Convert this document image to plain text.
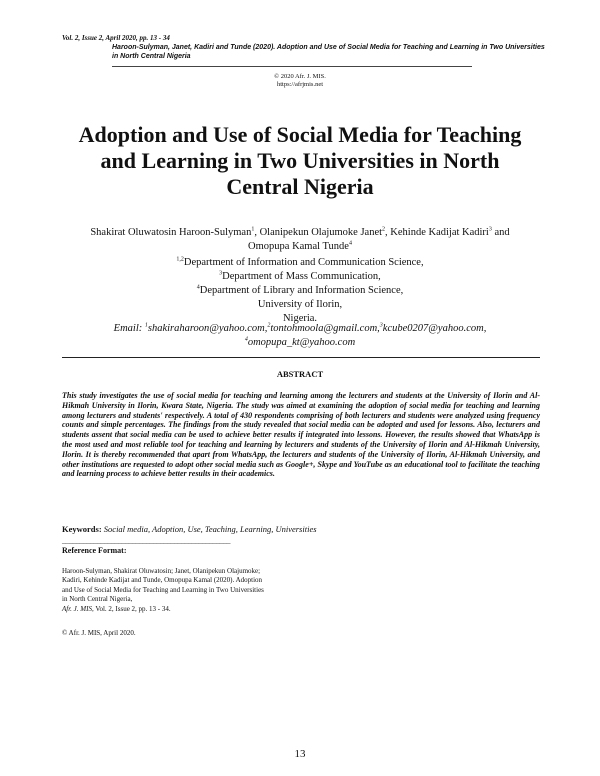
Vol. 2, Issue 2, April 2020, pp. 13 - 34
Haroon-Sulyman, Janet, Kadiri and Tunde (2020). Adoption and Use of Social Media for Teaching and Learning in Two Universities in North Central Nigeria
© 2020 Afr. J. MIS.
https://afrjmis.net
Adoption and Use of Social Media for Teaching
and Learning in Two Universities in North
Central Nigeria
Shakirat Oluwatosin Haroon-Sulyman$^1$, Olanipekun Olajumoke Janet$^2$, Kehinde Kadijat Kadiri$^3$ and
Omopupa Kamal Tunde$^4$
$^{1,2}$Department of Information and Communication Science,
$^3$Department of Mass Communication,
$^4$Department of Library and Information Science,
University of Ilorin,
Nigeria.
Email: $^1$shakiraharoon@yahoo.com,$^2$tontohmoola@gmail.com,$^3$kcube0207@yahoo.com,
$^4$omopupa_kt@yahoo.com
ABSTRACT
This study investigates the use of social media for teaching and learning among the lecturers and students at the University of Ilorin and Al-Hikmah University in Ilorin, Kwara State, Nigeria. The study was aimed at examining the adoption of social media for teaching and learning among lecturers and students' respectively. A total of 430 respondents comprising of both lecturers and students were analyzed using frequency counts and simple percentages. The findings from the study revealed that social media can be adopted and used for lessons. Also, lecturers and students assent that social media can be used to achieve better results if integrated into lessons. However, the results showed that WhatsApp is the most used and most reliable tool for teaching and learning by lecturers and students of the University of Ilorin and Al-Hikmah University, Ilorin. It is thereby recommended that apart from WhatsApp, the lecturers and students of the University of Ilorin, Al-Hikmah University, and other institutions are requested to adopt other social media such as Google+, Skype and YouTube as an educational tool to facilitate the teaching and learning process to achieve better results in their academics.
Keywords: Social media, Adoption, Use, Teaching, Learning, Universities
________________________________________________
Reference Format:
Haroon-Sulyman, Shakirat Oluwatosin; Janet, Olanipekun Olajumoke;
Kadiri, Kehinde Kadijat and Tunde, Omopupa Kamal (2020). Adoption
and Use of Social Media for Teaching and Learning in Two Universities
in North Central Nigeria,
Afr. J. MIS, Vol. 2, Issue 2, pp. 13 - 34.
© Afr. J. MIS, April 2020.
13
